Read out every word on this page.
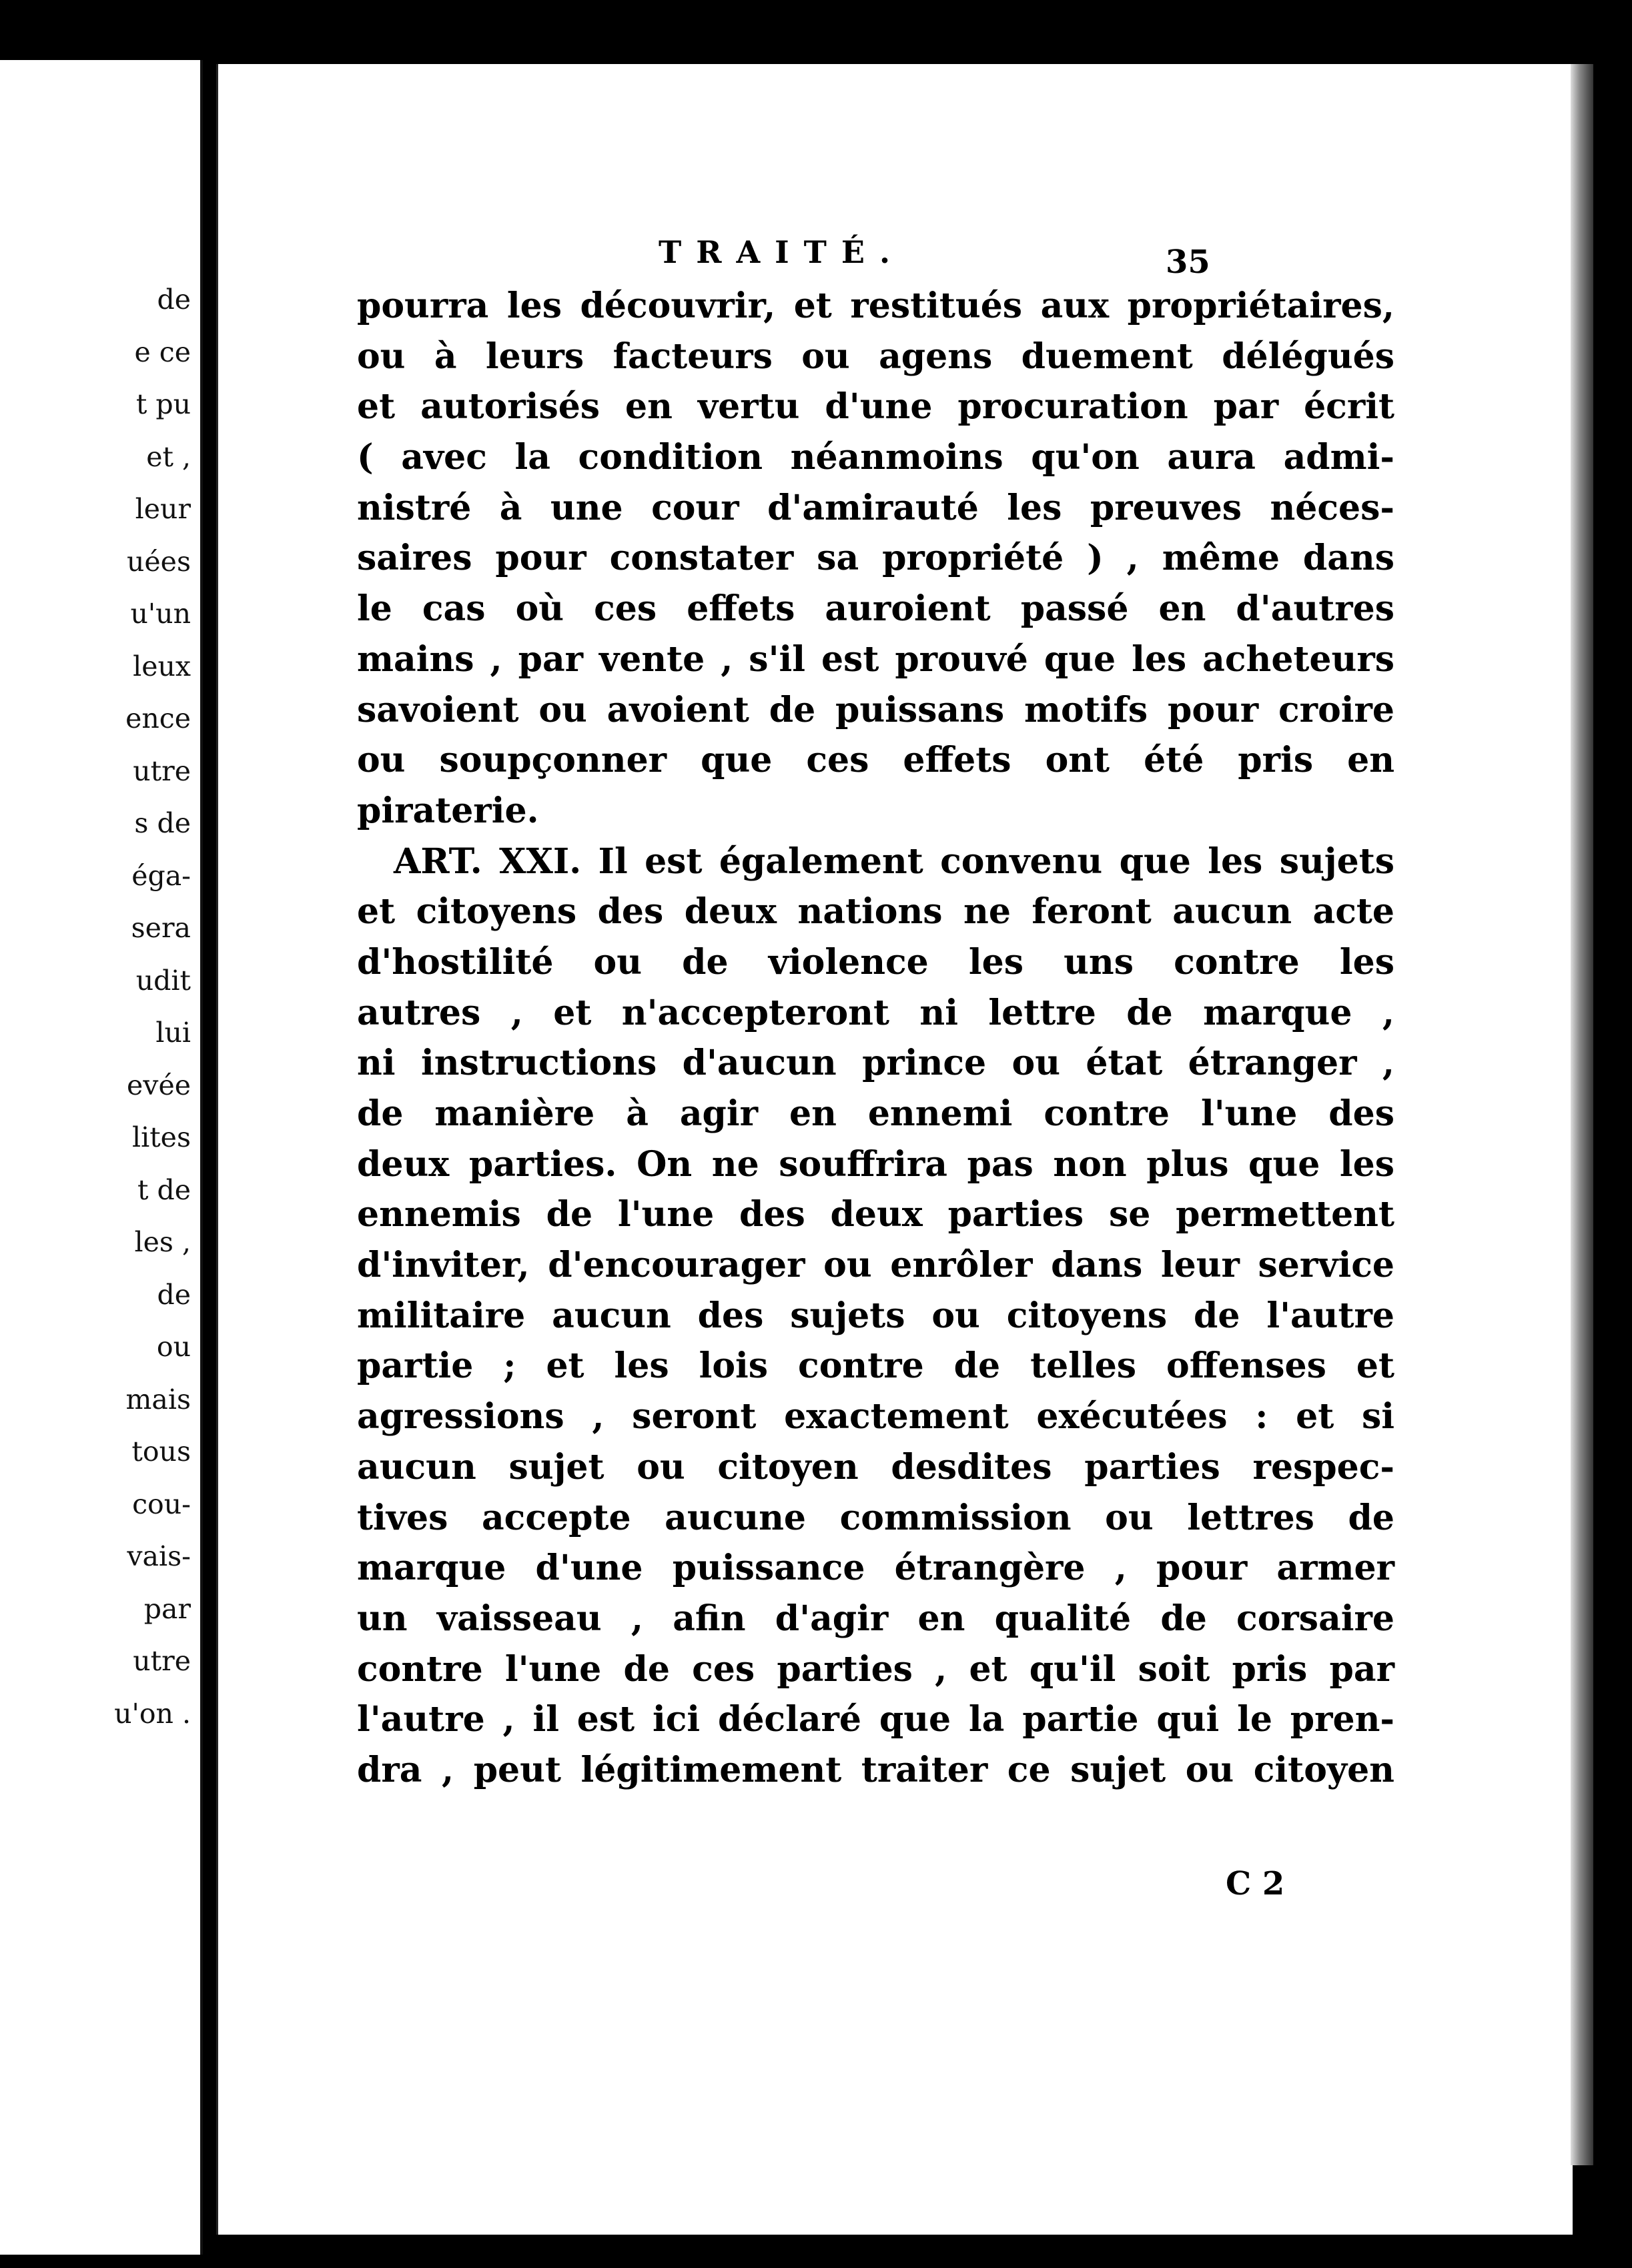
de
e ce
t pu
et ,
leur
uées
u'un
leux
ence
utre
s de
éga-
sera
udit
lui
evée
lites
t de
les ,
de
ou
mais
tous
cou-
vais-
par
utre
u'on .
TRAITÉ.	35
pourra les découvrir, et restitués aux propriétaires,
ou à leurs facteurs ou agens duement délégués
et autorisés en vertu d'une procuration par écrit
( avec la condition néanmoins qu'on aura admi-
nistré à une cour d'amirauté les preuves néces-
saires pour constater sa propriété ) , même dans
le cas où ces effets auroient passé en d'autres
mains , par vente , s'il est prouvé que les acheteurs
savoient ou avoient de puissans motifs pour croire
ou soupçonner que ces effets ont été pris en
piraterie.
ART. XXI. Il est également convenu que les sujets
et citoyens des deux nations ne feront aucun acte
d'hostilité ou de violence les uns contre les
autres , et n'accepteront ni lettre de marque ,
ni instructions d'aucun prince ou état étranger ,
de manière à agir en ennemi contre l'une des
deux parties. On ne souffrira pas non plus que les
ennemis de l'une des deux parties se permettent
d'inviter, d'encourager ou enrôler dans leur service
militaire aucun des sujets ou citoyens de l'autre
partie ; et les lois contre de telles offenses et
agressions , seront exactement exécutées : et si
aucun sujet ou citoyen desdites parties respec-
tives accepte aucune commission ou lettres de
marque d'une puissance étrangère , pour armer
un vaisseau , afin d'agir en qualité de corsaire
contre l'une de ces parties , et qu'il soit pris par
l'autre , il est ici déclaré que la partie qui le pren-
dra , peut légitimement traiter ce sujet ou citoyen
C 2
